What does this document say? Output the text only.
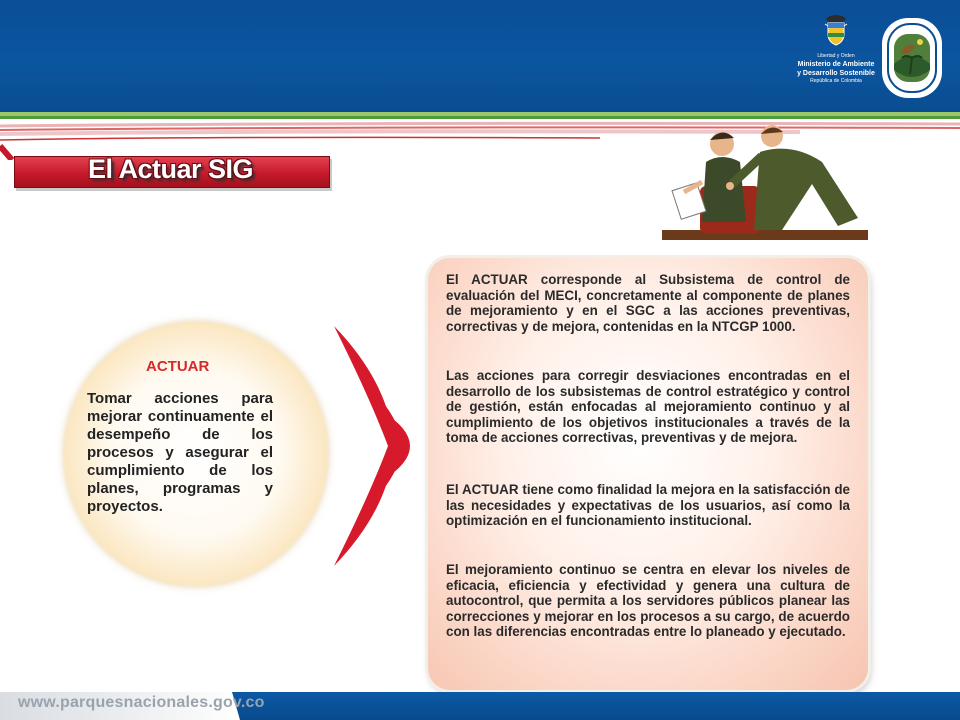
Libertad y Orden
Ministerio de Ambiente
y Desarrollo Sostenible
República de Colombia
El Actuar SIG
ACTUAR
Tomar acciones para mejorar continuamente el desempeño de los procesos y asegurar el cumplimiento de los planes, programas y proyectos.

El ACTUAR corresponde al Subsistema de control de evaluación del MECI, concretamente al componente de planes de mejoramiento y en el SGC a las acciones preventivas, correctivas y de mejora, contenidas en la NTCGP 1000.

Las acciones para corregir desviaciones encontradas en el desarrollo de los subsistemas de control estratégico y control de gestión, están enfocadas al mejoramiento continuo y al cumplimiento de los objetivos institucionales a través de la toma de acciones correctivas, preventivas y de mejora.

El ACTUAR tiene como finalidad la mejora en la satisfacción de las necesidades y expectativas de los usuarios, así como la optimización en el funcionamiento institucional.

El mejoramiento continuo se centra en elevar los niveles de eficacia, eficiencia y efectividad y genera una cultura de autocontrol, que permita a los servidores públicos planear las correcciones y mejorar en los procesos a su cargo, de acuerdo con las diferencias encontradas entre lo planeado y ejecutado.

www.parquesnacionales.gov.co
